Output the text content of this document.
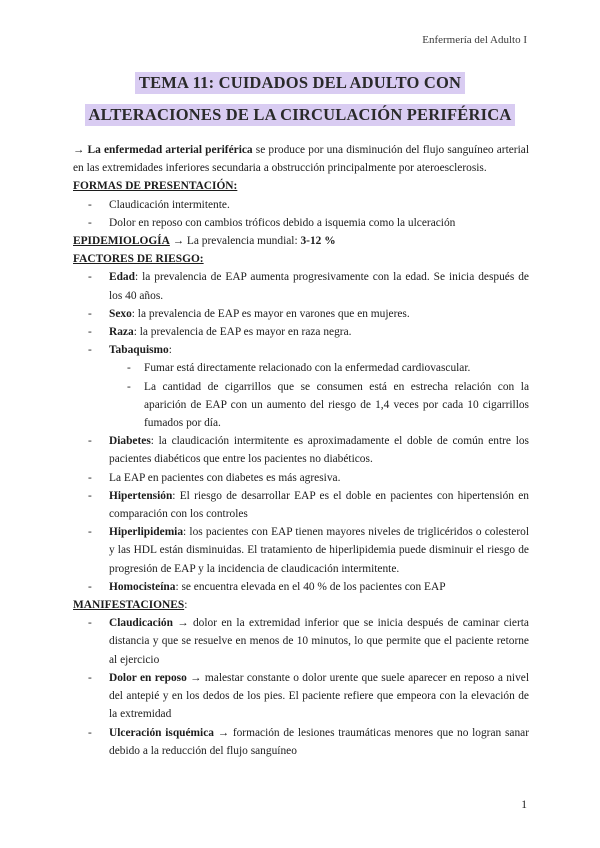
Enfermería del Adulto I
TEMA 11: CUIDADOS DEL ADULTO CON
ALTERACIONES DE LA CIRCULACIÓN PERIFÉRICA

→ La enfermedad arterial periférica se produce por una disminución del flujo sanguíneo arterial en las extremidades inferiores secundaria a obstrucción principalmente por ateroesclerosis.

FORMAS DE PRESENTACIÓN:

- Claudicación intermitente.
- Dolor en reposo con cambios tróficos debido a isquemia como la ulceración

EPIDEMIOLOGÍA → La prevalencia mundial: 3-12 %

FACTORES DE RIESGO:

- Edad: la prevalencia de EAP aumenta progresivamente con la edad. Se inicia después de los 40 años.
- Sexo: la prevalencia de EAP es mayor en varones que en mujeres.
- Raza: la prevalencia de EAP es mayor en raza negra.
- Tabaquismo:
- Fumar está directamente relacionado con la enfermedad cardiovascular.
- La cantidad de cigarrillos que se consumen está en estrecha relación con la aparición de EAP con un aumento del riesgo de 1,4 veces por cada 10 cigarrillos fumados por día.
- Diabetes: la claudicación intermitente es aproximadamente el doble de común entre los pacientes diabéticos que entre los pacientes no diabéticos.
- La EAP en pacientes con diabetes es más agresiva.
- Hipertensión: El riesgo de desarrollar EAP es el doble en pacientes con hipertensión en comparación con los controles
- Hiperlipidemia: los pacientes con EAP tienen mayores niveles de triglicéridos o colesterol y las HDL están disminuidas. El tratamiento de hiperlipidemia puede disminuir el riesgo de progresión de EAP y la incidencia de claudicación intermitente.
- Homocisteína: se encuentra elevada en el 40 % de los pacientes con EAP

MANIFESTACIONES:

- Claudicación → dolor en la extremidad inferior que se inicia después de caminar cierta distancia y que se resuelve en menos de 10 minutos, lo que permite que el paciente retorne al ejercicio
- Dolor en reposo → malestar constante o dolor urente que suele aparecer en reposo a nivel del antepié y en los dedos de los pies. El paciente refiere que empeora con la elevación de la extremidad
- Ulceración isquémica → formación de lesiones traumáticas menores que no logran sanar debido a la reducción del flujo sanguíneo
1
